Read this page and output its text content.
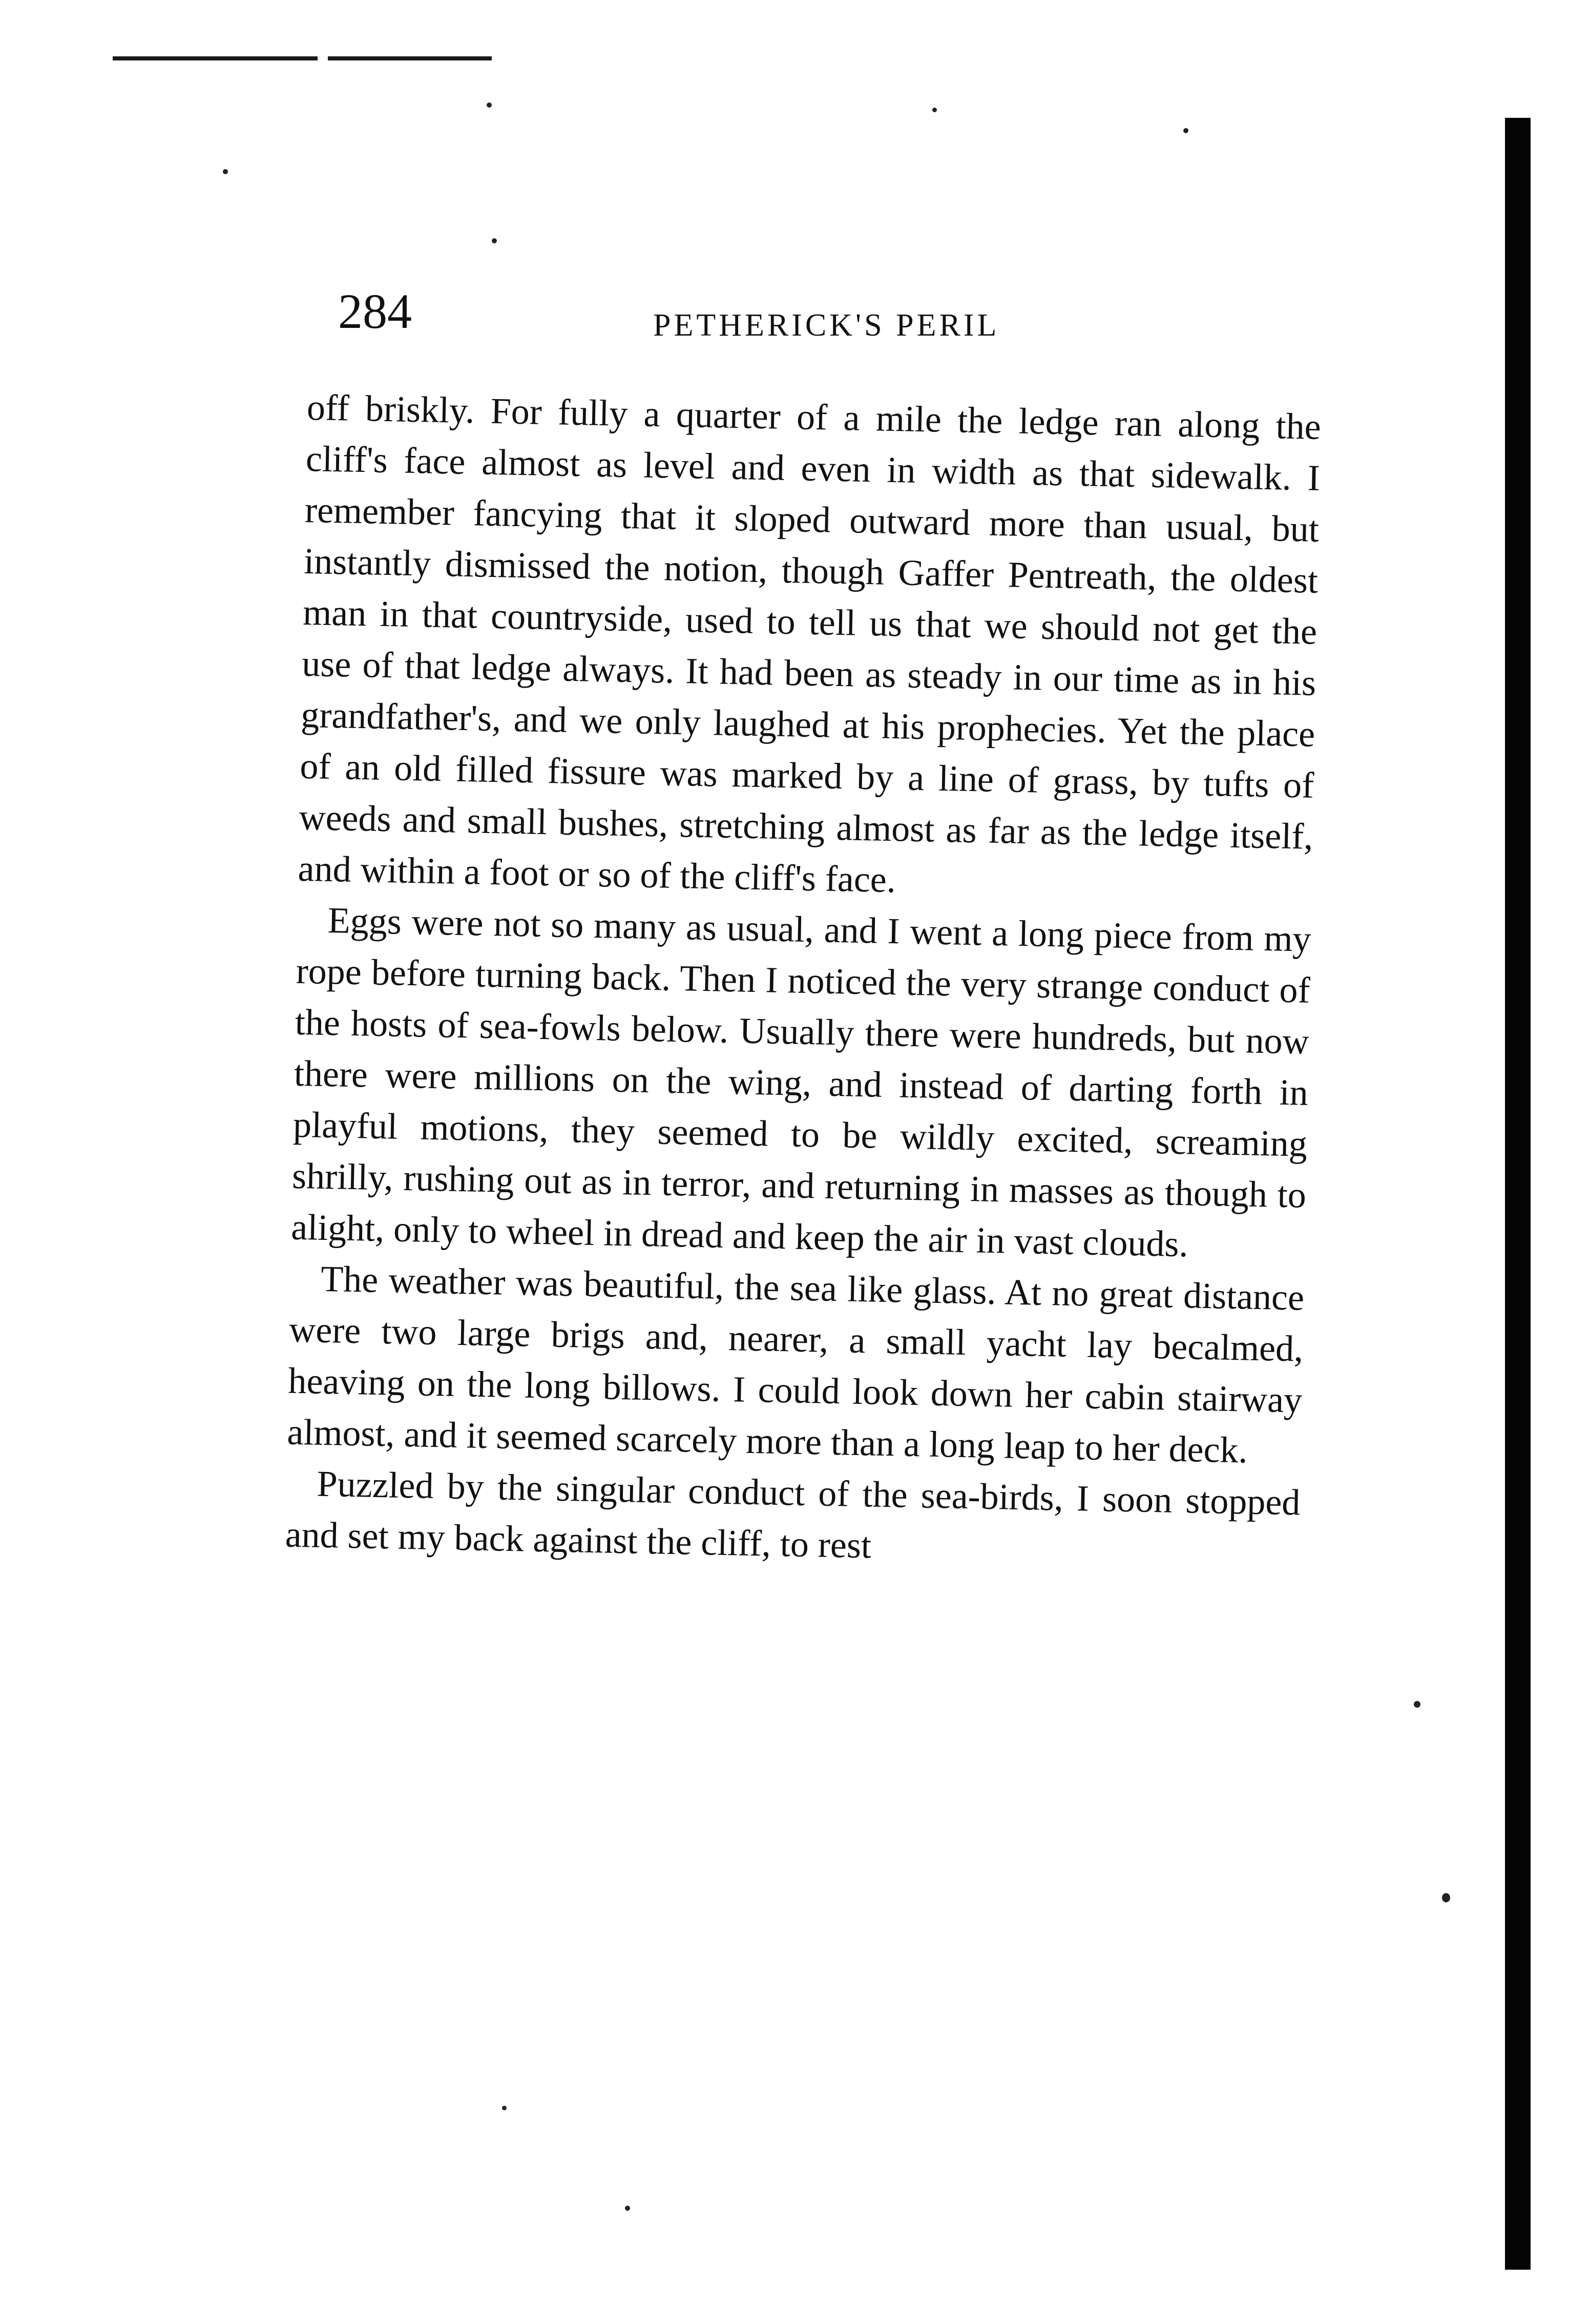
284	PETHERICK'S PERIL

off briskly. For fully a quarter of a mile the ledge ran along the cliff's face almost as level and even in width as that sidewalk. I remember fancying that it sloped outward more than usual, but instantly dismissed the notion, though Gaffer Pentreath, the oldest man in that countryside, used to tell us that we should not get the use of that ledge always. It had been as steady in our time as in his grandfather's, and we only laughed at his prophecies. Yet the place of an old filled fissure was marked by a line of grass, by tufts of weeds and small bushes, stretching almost as far as the ledge itself, and within a foot or so of the cliff's face.

Eggs were not so many as usual, and I went a long piece from my rope before turning back. Then I noticed the very strange conduct of the hosts of sea-fowls below. Usually there were hundreds, but now there were millions on the wing, and instead of darting forth in playful motions, they seemed to be wildly excited, screaming shrilly, rushing out as in terror, and returning in masses as though to alight, only to wheel in dread and keep the air in vast clouds.

The weather was beautiful, the sea like glass. At no great distance were two large brigs and, nearer, a small yacht lay becalmed, heaving on the long billows. I could look down her cabin stairway almost, and it seemed scarcely more than a long leap to her deck.

Puzzled by the singular conduct of the sea-birds, I soon stopped and set my back against the cliff, to rest
